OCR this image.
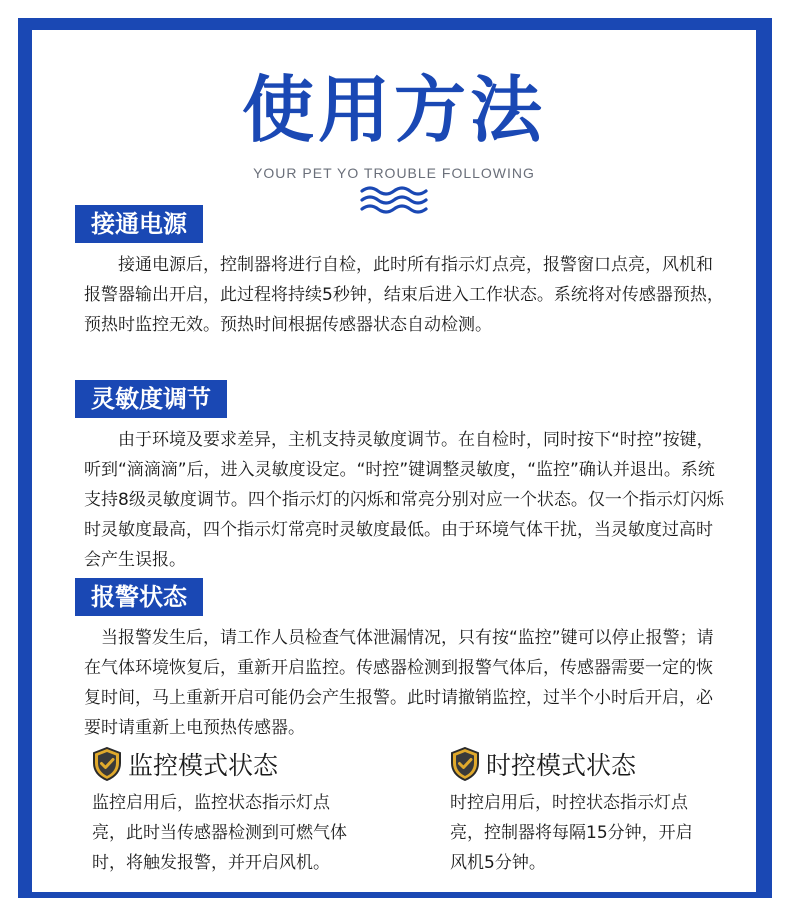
使用方法
YOUR PET YO TROUBLE FOLLOWING
接通电源

　　接通电源后，控制器将进行自检，此时所有指示灯点亮，报警窗口点亮，风机和报警器输出开启，此过程将持续5秒钟，结束后进入工作状态。系统将对传感器预热，预热时监控无效。预热时间根据传感器状态自动检测。

灵敏度调节

　　由于环境及要求差异，主机支持灵敏度调节。在自检时，同时按下“时控”按键，听到“滴滴滴”后，进入灵敏度设定。“时控”键调整灵敏度，“监控”确认并退出。系统支持8级灵敏度调节。四个指示灯的闪烁和常亮分别对应一个状态。仅一个指示灯闪烁时灵敏度最高，四个指示灯常亮时灵敏度最低。由于环境气体干扰，当灵敏度过高时会产生误报。

报警状态

　当报警发生后，请工作人员检查气体泄漏情况，只有按“监控”键可以停止报警；请在气体环境恢复后，重新开启监控。传感器检测到报警气体后，传感器需要一定的恢复时间，马上重新开启可能仍会产生报警。此时请撤销监控，过半个小时后开启，必要时请重新上电预热传感器。

监控模式状态

监控启用后，监控状态指示灯点亮，此时当传感器检测到可燃气体时，将触发报警，并开启风机。

时控模式状态

时控启用后，时控状态指示灯点亮，控制器将每隔15分钟，开启风机5分钟。
